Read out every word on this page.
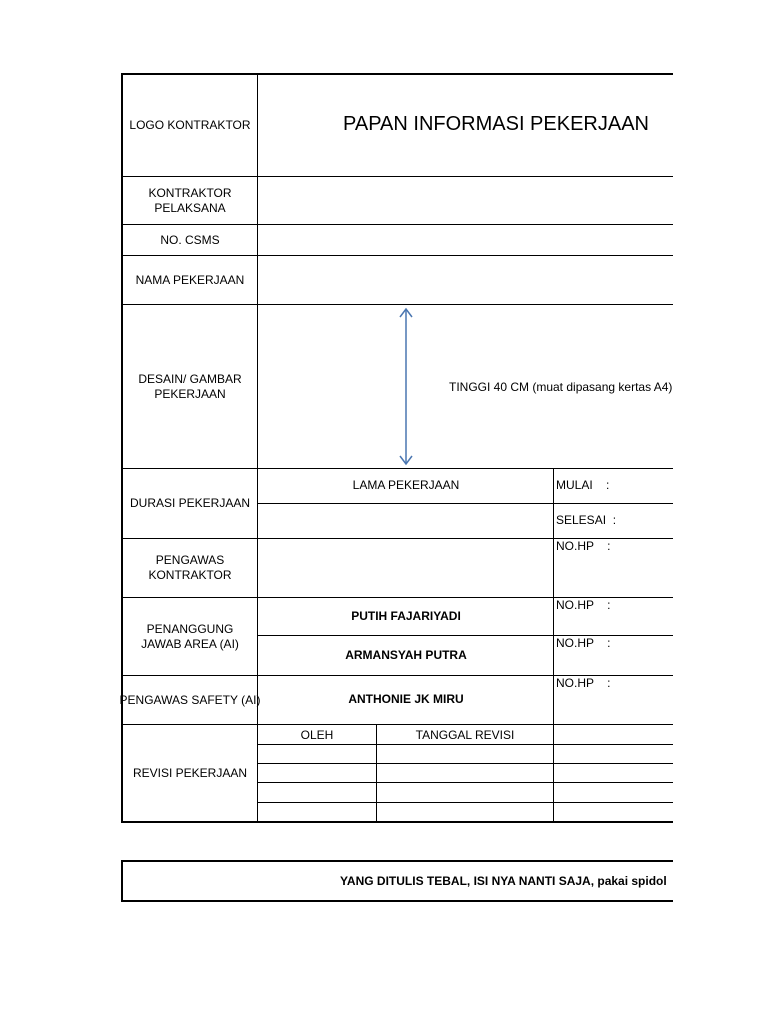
LOGO KONTRAKTOR
KONTRAKTOR PELAKSANA
NO. CSMS
NAMA PEKERJAAN
DESAIN/ GAMBAR PEKERJAAN
DURASI PEKERJAAN
PENGAWAS KONTRAKTOR
PENANGGUNG JAWAB AREA (AI)
PENGAWAS SAFETY (AI)
REVISI PEKERJAAN
PAPAN INFORMASI PEKERJAAN
TINGGI 40 CM (muat dipasang kertas A4)
LAMA PEKERJAAN	MULAI    :
SELESAI  :
NO.HP    :
NO.HP    :
NO.HP    :
NO.HP    :
PUTIH FAJARIYADI
ARMANSYAH PUTRA
ANTHONIE JK MIRU
OLEH	TANGGAL REVISI
YANG DITULIS TEBAL, ISI NYA NANTI SAJA, pakai spidol
